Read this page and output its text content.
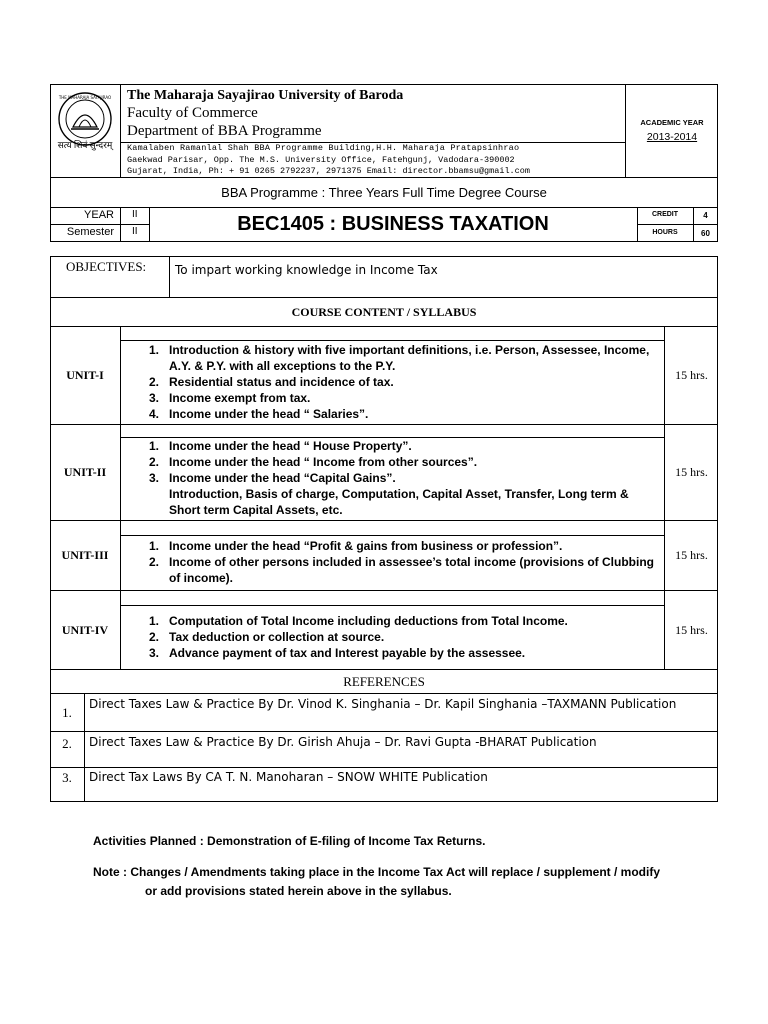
THE MAHARAJA SAYAJIRAO
सत्यं शिवं सुन्दरम्
The Maharaja Sayajirao University of Baroda
Faculty of Commerce
Department of BBA Programme
Kamalaben Ramanlal Shah BBA Programme Building,H.H. Maharaja Pratapsinhrao
Gaekwad Parisar, Opp. The M.S. University Office, Fatehgunj, Vadodara-390002
Gujarat, India, Ph: + 91 0265 2792237, 2971375 Email: director.bbamsu@gmail.com
ACADEMIC YEAR
2013-2014
BBA Programme : Three Years Full Time Degree Course
YEAR	II
Semester	II	BEC1405 : BUSINESS TAXATION	CREDIT	4
HOURS	60
OBJECTIVES: To impart working knowledge in Income Tax
COURSE CONTENT / SYLLABUS
UNIT-I	15 hrs.
1. Introduction & history with five important definitions, i.e. Person, Assessee, Income, A.Y. & P.Y. with all exceptions to the P.Y.
2. Residential status and incidence of tax.
3. Income exempt from tax.
4. Income under the head “ Salaries”.
UNIT-II	15 hrs.
1. Income under the head “ House Property”.
2. Income under the head “ Income from other sources”.
3. Income under the head “Capital Gains”.
Introduction, Basis of charge, Computation, Capital Asset, Transfer, Long term & Short term Capital Assets, etc.
UNIT-III	15 hrs.
1. Income under the head “Profit & gains from business or profession”.
2. Income of other persons included in assessee’s total income (provisions of Clubbing of income).
UNIT-IV	15 hrs.
1. Computation of Total Income including deductions from Total Income.
2. Tax deduction or collection at source.
3. Advance payment of tax and Interest payable by the assessee.
REFERENCES
1.
Direct Taxes Law & Practice By Dr. Vinod K. Singhania – Dr. Kapil Singhania –TAXMANN Publication
2.	Direct Taxes Law & Practice By Dr. Girish Ahuja – Dr. Ravi Gupta -BHARAT Publication
3.	Direct Tax Laws By CA T. N. Manoharan – SNOW WHITE Publication
Activities Planned : Demonstration of E-filing of Income Tax Returns.
Note : Changes / Amendments taking place in the Income Tax Act will replace / supplement / modify
or add provisions stated herein above in the syllabus.
